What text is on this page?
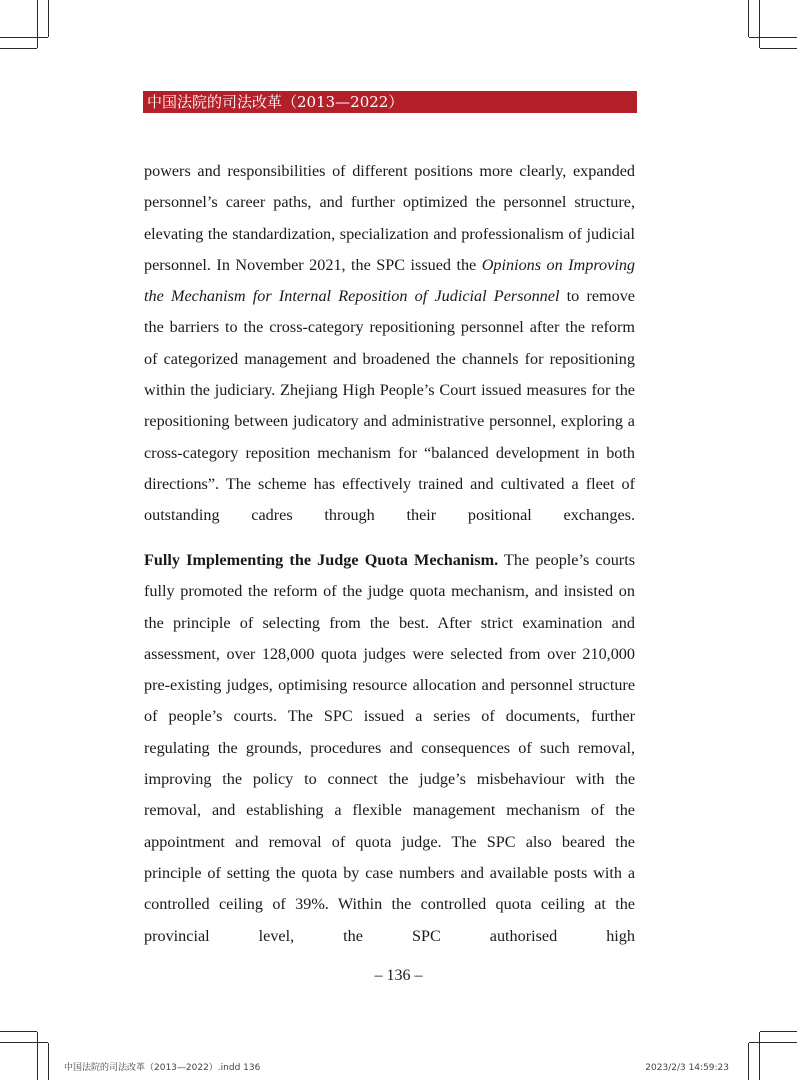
中国法院的司法改革（2013—2022）

powers and responsibilities of different positions more clearly, expanded personnel’s career paths, and further optimized the personnel structure, elevating the standardization, specialization and professionalism of judicial personnel. In November 2021, the SPC issued the Opinions on Improving the Mechanism for Internal Reposition of Judicial Personnel to remove the barriers to the cross-category repositioning personnel after the reform of categorized management and broadened the channels for repositioning within the judiciary. Zhejiang High People’s Court issued measures for the repositioning between judicatory and administrative personnel, exploring a cross-category reposition mechanism for “balanced development in both directions”. The scheme has effectively trained and cultivated a fleet of outstanding cadres through their positional exchanges.

Fully Implementing the Judge Quota Mechanism. The people’s courts fully promoted the reform of the judge quota mechanism, and insisted on the principle of selecting from the best. After strict examination and assessment, over 128,000 quota judges were selected from over 210,000 pre-existing judges, optimising resource allocation and personnel structure of people’s courts. The SPC issued a series of documents, further regulating the grounds, procedures and consequences of such removal, improving the policy to connect the judge’s misbehaviour with the removal, and establishing a flexible management mechanism of the appointment and removal of quota judge. The SPC also beared the principle of setting the quota by case numbers and available posts with a controlled ceiling of 39%. Within the controlled quota ceiling at the provincial level, the SPC authorised high

– 136 –
中国法院的司法改革（2013—2022）.indd 136	2023/2/3 14:59:23
